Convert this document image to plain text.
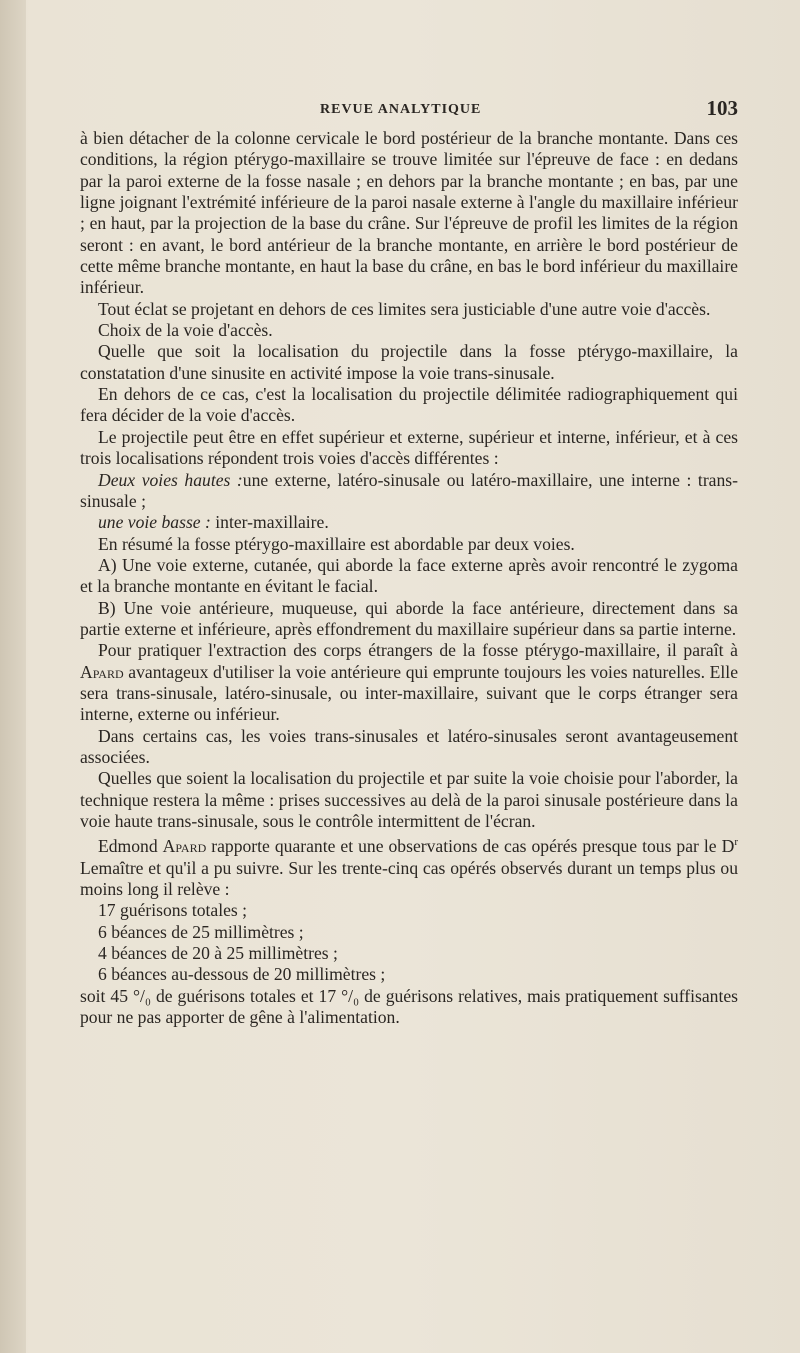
REVUE ANALYTIQUE	103

à bien détacher de la colonne cervicale le bord postérieur de la branche montante. Dans ces conditions, la région ptérygo-maxillaire se trouve limitée sur l'épreuve de face : en dedans par la paroi externe de la fosse nasale ; en dehors par la branche montante ; en bas, par une ligne joignant l'extrémité inférieure de la paroi nasale externe à l'angle du maxillaire inférieur ; en haut, par la projection de la base du crâne. Sur l'épreuve de profil les limites de la région seront : en avant, le bord antérieur de la branche montante, en arrière le bord postérieur de cette même branche montante, en haut la base du crâne, en bas le bord inférieur du maxillaire inférieur.

Tout éclat se projetant en dehors de ces limites sera justiciable d'une autre voie d'accès.

Choix de la voie d'accès.

Quelle que soit la localisation du projectile dans la fosse ptérygo-maxillaire, la constatation d'une sinusite en activité impose la voie trans-sinusale.

En dehors de ce cas, c'est la localisation du projectile délimitée radiographiquement qui fera décider de la voie d'accès.

Le projectile peut être en effet supérieur et externe, supérieur et interne, inférieur, et à ces trois localisations répondent trois voies d'accès différentes :

Deux voies hautes :une externe, latéro-sinusale ou latéro-maxillaire, une interne : trans-sinusale ;

une voie basse : inter-maxillaire.

En résumé la fosse ptérygo-maxillaire est abordable par deux voies.

A) Une voie externe, cutanée, qui aborde la face externe après avoir rencontré le zygoma et la branche montante en évitant le facial.

B) Une voie antérieure, muqueuse, qui aborde la face antérieure, directement dans sa partie externe et inférieure, après effondrement du maxillaire supérieur dans sa partie interne.

Pour pratiquer l'extraction des corps étrangers de la fosse ptérygo-maxillaire, il paraît à Apard avantageux d'utiliser la voie antérieure qui emprunte toujours les voies naturelles. Elle sera trans-sinusale, latéro-sinusale, ou inter-maxillaire, suivant que le corps étranger sera interne, externe ou inférieur.

Dans certains cas, les voies trans-sinusales et latéro-sinusales seront avantageusement associées.

Quelles que soient la localisation du projectile et par suite la voie choisie pour l'aborder, la technique restera la même : prises successives au delà de la paroi sinusale postérieure dans la voie haute trans-sinusale, sous le contrôle intermittent de l'écran.

Edmond Apard rapporte quarante et une observations de cas opérés presque tous par le $D^r$ Lemaître et qu'il a pu suivre. Sur les trente-cinq cas opérés observés durant un temps plus ou moins long il relève :

17 guérisons totales ;

6 béances de 25 millimètres ;

4 béances de 20 à 25 millimètres ;

6 béances au-dessous de 20 millimètres ;

soit 45 °/₀ de guérisons totales et 17 °/₀ de guérisons relatives, mais pratiquement suffisantes pour ne pas apporter de gêne à l'alimentation.
